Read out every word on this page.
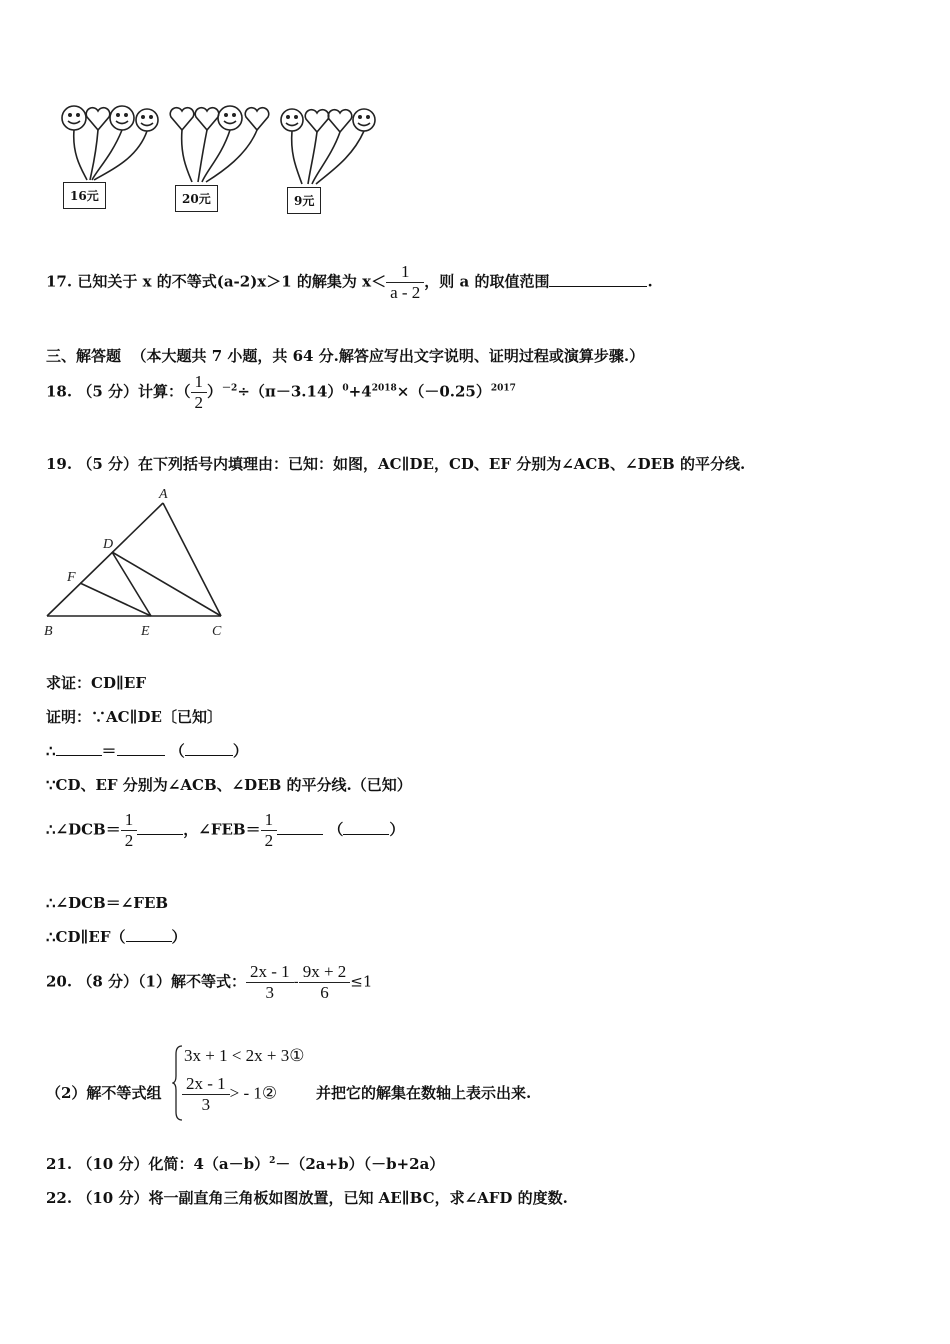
16元	20元	9元
17. 已知关于 x 的不等式(a-2)x＞1 的解集为 $x< \frac{1}{a - 2}$ ，则 a 的取值范围	.
三、解答题 （本大题共 7 小题，共 64 分.解答应写出文字说明、证明过程或演算步骤.）
18. （5 分）计算：（ $\frac{1}{2} )^{-2}\div(\pi-3.14)^0+4^{2018}\times(-0.25)^{2017}$
19. （5 分）在下列括号内填理由：已知：如图，AC∥DE，CD、EF 分别为∠ACB、∠DEB 的平分线.
A
D
F
B	E	C
求证：CD∥EF
证明：∵AC∥DE〔已知〕
∴	＝	（	）
∵CD、EF 分别为∠ACB、∠DEB 的平分线.（已知）
∴∠DCB＝ $\frac{1}{2}$	，∠FEB＝ $\frac{1}{2}$	（	）
∴∠DCB＝∠FEB
∴CD∥EF（	）
20. （8 分）（1）解不等式： $\frac{2x - 1}{3} - \frac{9x + 2}{6} \le 1$
（2）解不等式组
3x + 1 < 2x + 3①
$\frac{2x - 1}{3}$ > - 1②	并把它的解集在数轴上表示出来.
21. （10 分）化简：$4(a-b)^2-(2a+b)(-b+2a)$
22. （10 分）将一副直角三角板如图放置，已知 AE∥BC，求∠AFD 的度数.
